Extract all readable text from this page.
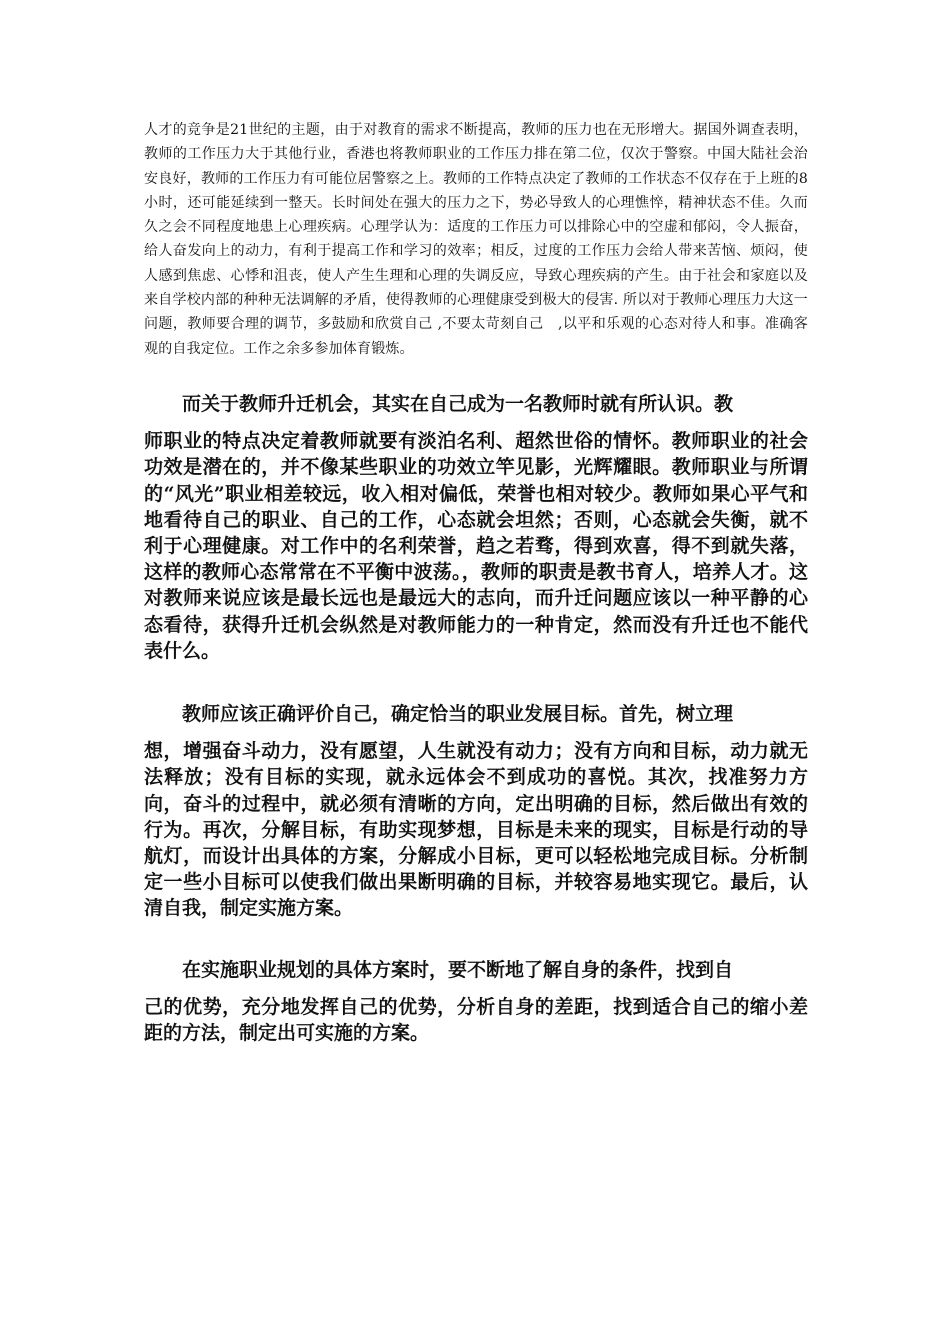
人才的竞争是21世纪的主题，由于对教育的需求不断提高，教师的压力也在无形增大。据国外调查表明，教师的工作压力大于其他行业，香港也将教师职业的工作压力排在第二位，仅次于警察。中国大陆社会治安良好，教师的工作压力有可能位居警察之上。教师的工作特点决定了教师的工作状态不仅存在于上班的8小时，还可能延续到一整天。长时间处在强大的压力之下，势必导致人的心理憔悴，精神状态不佳。久而久之会不同程度地患上心理疾病。心理学认为：适度的工作压力可以排除心中的空虚和郁闷，令人振奋，给人奋发向上的动力，有利于提高工作和学习的效率；相反，过度的工作压力会给人带来苦恼、烦闷，使人感到焦虑、心悸和沮丧，使人产生生理和心理的失调反应，导致心理疾病的产生。由于社会和家庭以及来自学校内部的种种无法调解的矛盾，使得教师的心理健康受到极大的侵害. 所以对于教师心理压力大这一问题，教师要合理的调节，多鼓励和欣赏自己 ,不要太苛刻自己　,以平和乐观的心态对待人和事。准确客观的自我定位。工作之余多参加体育锻炼。

而关于教师升迁机会，其实在自己成为一名教师时就有所认识。教
师职业的特点决定着教师就要有淡泊名利、超然世俗的情怀。教师职业的社会功效是潜在的，并不像某些职业的功效立竿见影，光辉耀眼。教师职业与所谓的“风光”职业相差较远，收入相对偏低，荣誉也相对较少。教师如果心平气和地看待自己的职业、自己的工作，心态就会坦然；否则，心态就会失衡，就不利于心理健康。对工作中的名利荣誉，趋之若骛，得到欢喜，得不到就失落，这样的教师心态常常在不平衡中波荡。，教师的职责是教书育人，培养人才。这对教师来说应该是最长远也是最远大的志向，而升迁问题应该以一种平静的心态看待，获得升迁机会纵然是对教师能力的一种肯定，然而没有升迁也不能代表什么。

教师应该正确评价自己，确定恰当的职业发展目标。首先，树立理
想，增强奋斗动力，没有愿望，人生就没有动力；没有方向和目标，动力就无法释放；没有目标的实现，就永远体会不到成功的喜悦。其次，找准努力方向，奋斗的过程中，就必须有清晰的方向，定出明确的目标，然后做出有效的行为。再次，分解目标，有助实现梦想，目标是未来的现实，目标是行动的导航灯，而设计出具体的方案，分解成小目标，更可以轻松地完成目标。分析制定一些小目标可以使我们做出果断明确的目标，并较容易地实现它。最后，认清自我，制定实施方案。

在实施职业规划的具体方案时，要不断地了解自身的条件，找到自
己的优势，充分地发挥自己的优势，分析自身的差距，找到适合自己的缩小差距的方法，制定出可实施的方案。
